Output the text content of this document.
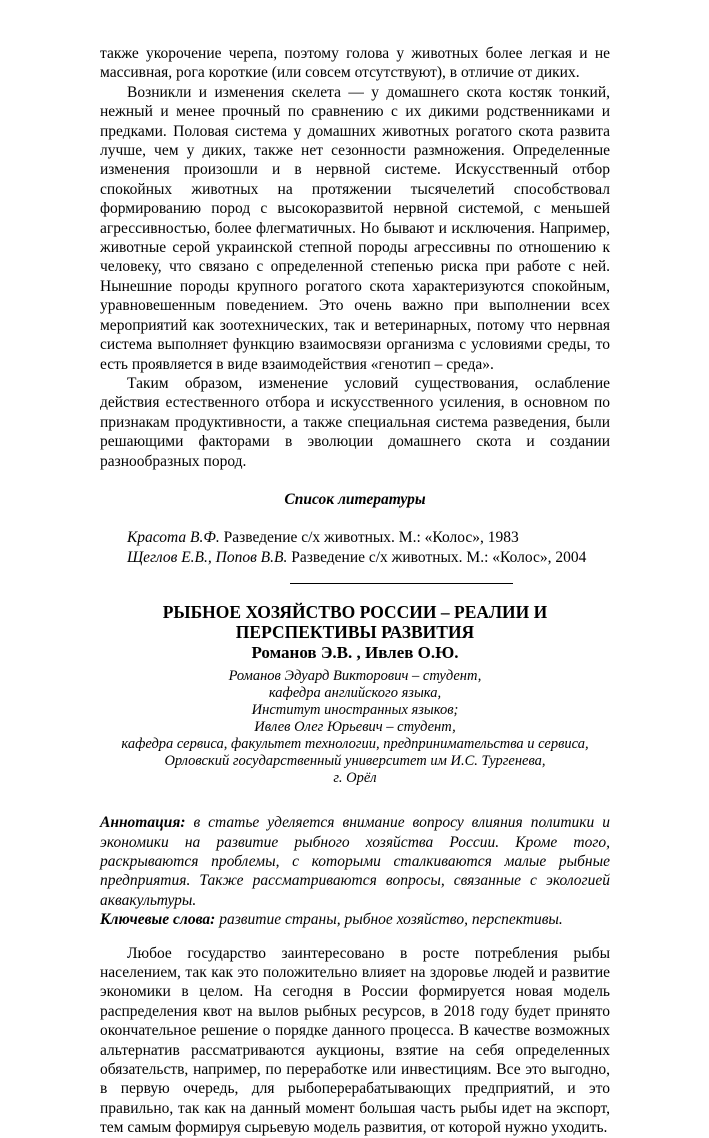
также укорочение черепа, поэтому голова у животных более легкая и не массивная, рога короткие (или совсем отсутствуют), в отличие от диких.

Возникли и изменения скелета — у домашнего скота костяк тонкий, нежный и менее прочный по сравнению с их дикими родственниками и предками. Половая система у домашних животных рогатого скота развита лучше, чем у диких, также нет сезонности размножения. Определенные изменения произошли и в нервной системе. Искусственный отбор спокойных животных на протяжении тысячелетий способствовал формированию пород с высокоразвитой нервной системой, с меньшей агрессивностью, более флегматичных. Но бывают и исключения. Например, животные серой украинской степной породы агрессивны по отношению к человеку, что связано с определенной степенью риска при работе с ней. Нынешние породы крупного рогатого скота характеризуются спокойным, уравновешенным поведением. Это очень важно при выполнении всех мероприятий как зоотехнических, так и ветеринарных, потому что нервная система выполняет функцию взаимосвязи организма с условиями среды, то есть проявляется в виде взаимодействия «генотип – среда».

Таким образом, изменение условий существования, ослабление действия естественного отбора и искусственного усиления, в основном по признакам продуктивности, а также специальная система разведения, были решающими факторами в эволюции домашнего скота и создании разнообразных пород.

Список литературы

Красота В.Ф. Разведение с/х животных. М.: «Колос», 1983

Щеглов Е.В., Попов В.В. Разведение с/х животных. М.: «Колос», 2004

РЫБНОЕ ХОЗЯЙСТВО РОССИИ – РЕАЛИИ И ПЕРСПЕКТИВЫ РАЗВИТИЯ
Романов Э.В. , Ивлев О.Ю.
Романов Эдуард Викторович – студент,
кафедра английского языка,
Институт иностранных языков;
Ивлев Олег Юрьевич – студент,
кафедра сервиса, факультет технологии, предпринимательства и сервиса,
Орловский государственный университет им И.С. Тургенева,
г. Орёл

Аннотация: в статье уделяется внимание вопросу влияния политики и экономики на развитие рыбного хозяйства России. Кроме того, раскрываются проблемы, с которыми сталкиваются малые рыбные предприятия. Также рассматриваются вопросы, связанные с экологией аквакультуры.

Ключевые слова: развитие страны, рыбное хозяйство, перспективы.

Любое государство заинтересовано в росте потребления рыбы населением, так как это положительно влияет на здоровье людей и развитие экономики в целом. На сегодня в России формируется новая модель распределения квот на вылов рыбных ресурсов, в 2018 году будет принято окончательное решение о порядке данного процесса. В качестве возможных альтернатив рассматриваются аукционы, взятие на себя определенных обязательств, например, по переработке или инвестициям. Все это выгодно, в первую очередь, для рыбоперерабатывающих предприятий, и это правильно, так как на данный момент большая часть рыбы идет на экспорт, тем самым формируя сырьевую модель развития, от которой нужно уходить.
